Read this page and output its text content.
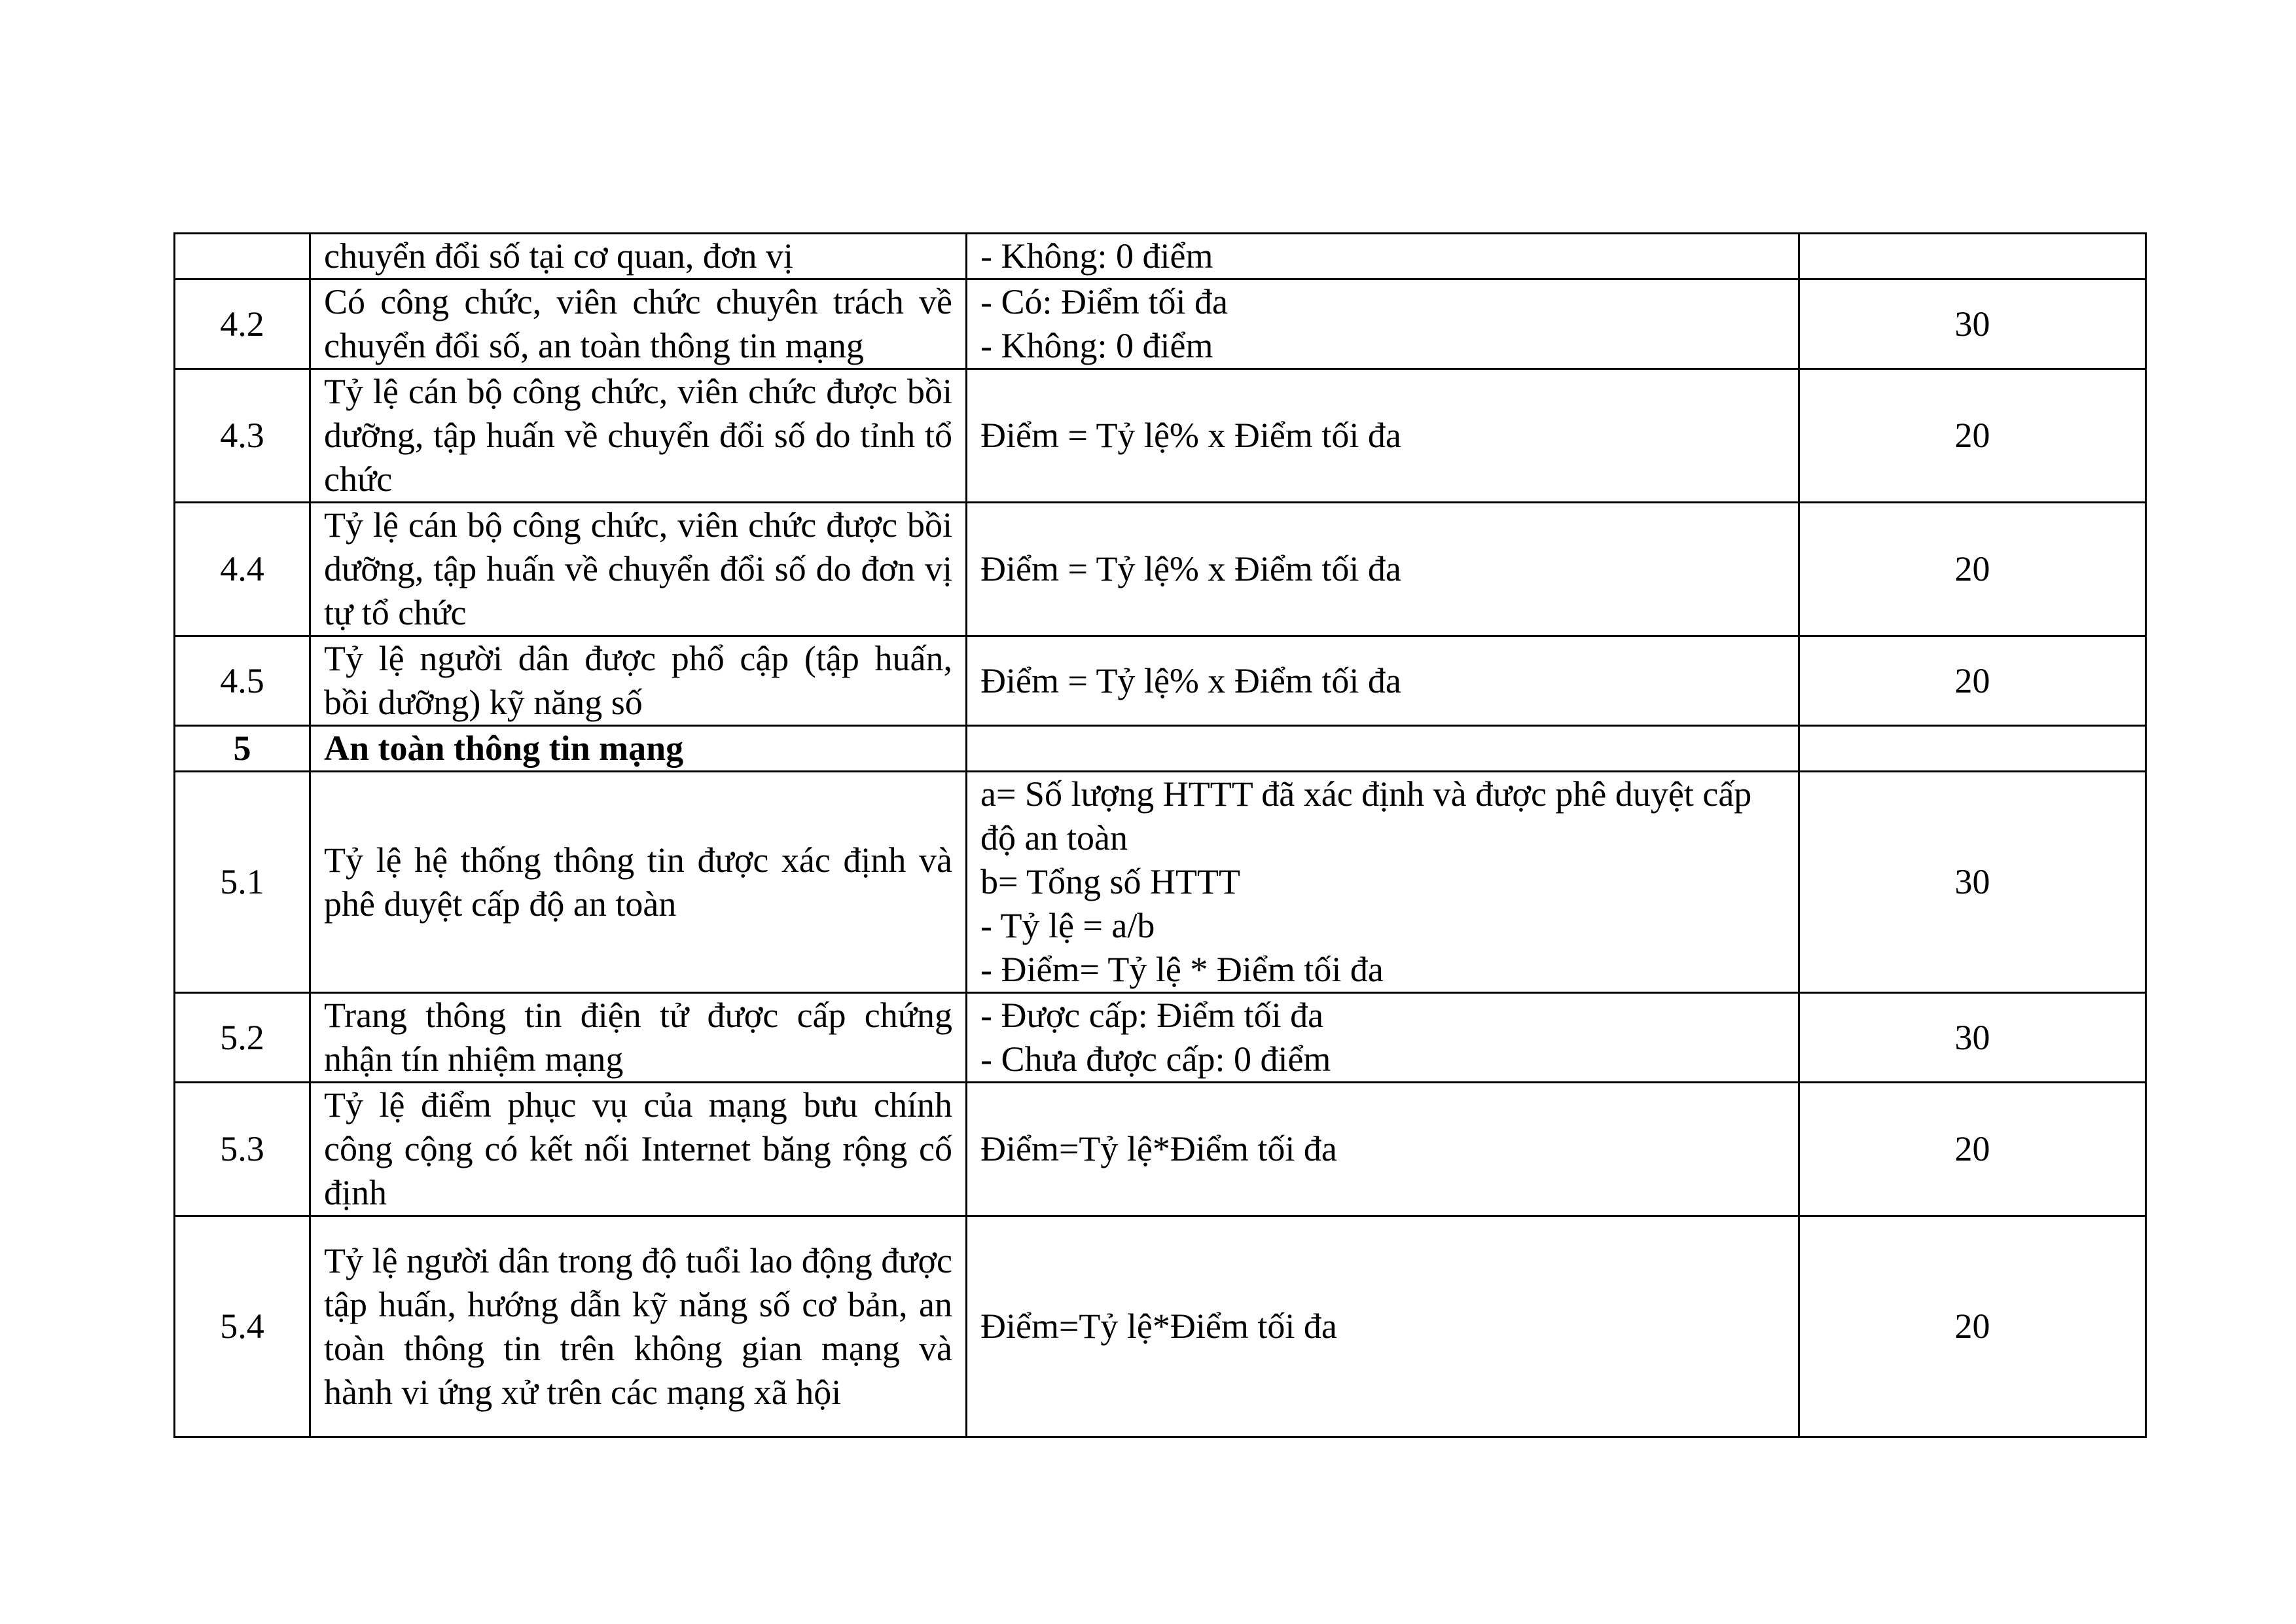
	chuyển đổi số tại cơ quan, đơn vị	- Không: 0 điểm	
4.2	Có công chức, viên chức chuyên trách về chuyển đổi số, an toàn thông tin mạng	- Có: Điểm tối đa
- Không: 0 điểm	30
4.3	Tỷ lệ cán bộ công chức, viên chức được bồi dưỡng, tập huấn về chuyển đổi số do tỉnh tổ chức	Điểm = Tỷ lệ% x Điểm tối đa	20
4.4	Tỷ lệ cán bộ công chức, viên chức được bồi dưỡng, tập huấn về chuyển đổi số do đơn vị tự tổ chức	Điểm = Tỷ lệ% x Điểm tối đa	20
4.5	Tỷ lệ người dân được phổ cập (tập huấn, bồi dưỡng) kỹ năng số	Điểm = Tỷ lệ% x Điểm tối đa	20
5	An toàn thông tin mạng		
5.1	Tỷ lệ hệ thống thông tin được xác định và phê duyệt cấp độ an toàn	a= Số lượng HTTT đã xác định và được phê duyệt cấp độ an toàn
b= Tổng số HTTT
- Tỷ lệ = a/b
- Điểm= Tỷ lệ * Điểm tối đa	30
5.2	Trang thông tin điện tử được cấp chứng nhận tín nhiệm mạng	- Được cấp: Điểm tối đa
- Chưa được cấp: 0 điểm	30
5.3	Tỷ lệ điểm phục vụ của mạng bưu chính công cộng có kết nối Internet băng rộng cố định	Điểm=Tỷ lệ*Điểm tối đa	20
5.4	Tỷ lệ người dân trong độ tuổi lao động được tập huấn, hướng dẫn kỹ năng số cơ bản, an toàn thông tin trên không gian mạng và hành vi ứng xử trên các mạng xã hội	Điểm=Tỷ lệ*Điểm tối đa	20
